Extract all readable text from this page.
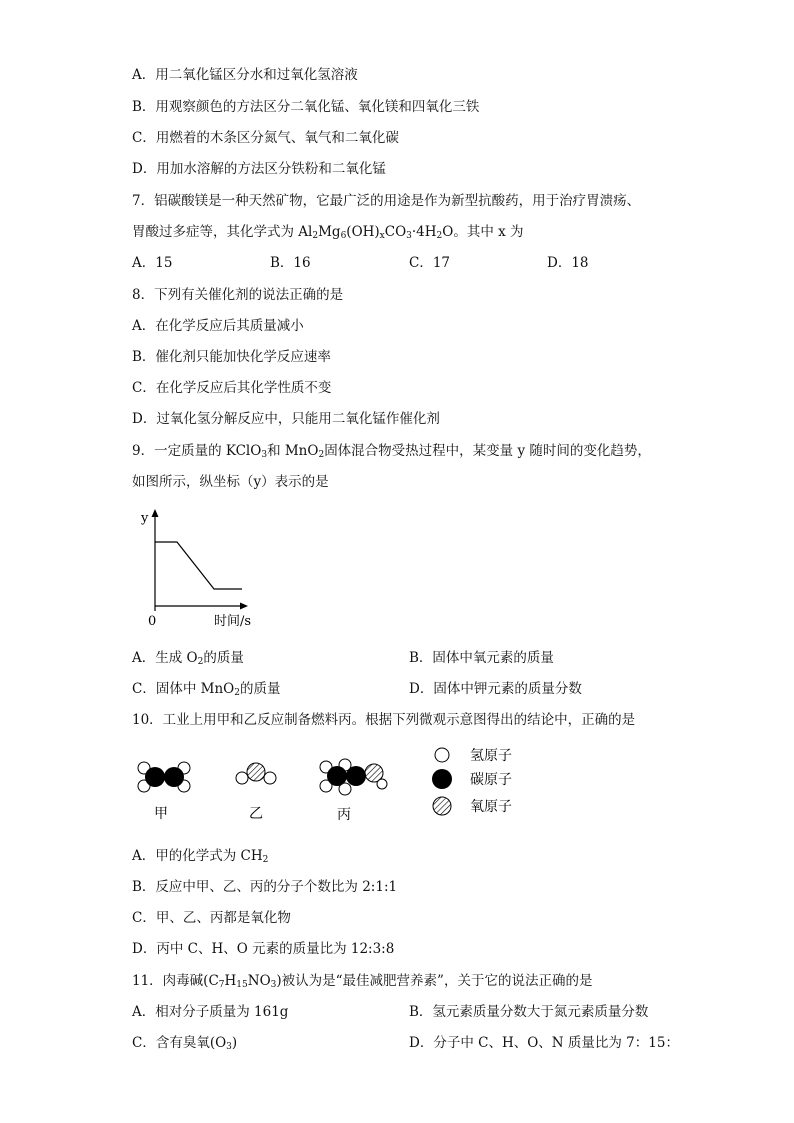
A．用二氧化锰区分水和过氧化氢溶液
B．用观察颜色的方法区分二氧化锰、氧化镁和四氧化三铁
C．用燃着的木条区分氮气、氧气和二氧化碳
D．用加水溶解的方法区分铁粉和二氧化锰
7．铝碳酸镁是一种天然矿物，它最广泛的用途是作为新型抗酸药，用于治疗胃溃疡、
胃酸过多症等，其化学式为 $Al_2Mg_6(OH)_xCO_3\cdot 4H_2O$。其中 x 为
A．15	B．16	C．17	D．18
8．下列有关催化剂的说法正确的是
A．在化学反应后其质量减小
B．催化剂只能加快化学反应速率
C．在化学反应后其化学性质不变
D．过氧化氢分解反应中，只能用二氧化锰作催化剂
9．一定质量的 KClO$_3$和 MnO$_2$固体混合物受热过程中，某变量 y 随时间的变化趋势，
如图所示，纵坐标（y）表示的是
y
0	时间/s
A．生成 $O_2$的质量	B．固体中氧元素的质量
C．固体中 MnO$_2$的质量	D．固体中钾元素的质量分数
10．工业上用甲和乙反应制备燃料丙。根据下列微观示意图得出的结论中，正确的是
甲	乙	丙
氢原子
碳原子
氧原子
A．甲的化学式为 $CH_2$
B．反应中甲、乙、丙的分子个数比为 2:1:1
C．甲、乙、丙都是氧化物
D．丙中 C、H、O 元素的质量比为 12:3:8
11．肉毒碱$(C_7H_{15}NO_3)$被认为是“最佳减肥营养素”，关于它的说法正确的是
A．相对分子质量为 161g	B．氢元素质量分数大于氮元素质量分数
C．含有臭氧$(O_3)$	D．分子中 C、H、O、N 质量比为 7：15：
